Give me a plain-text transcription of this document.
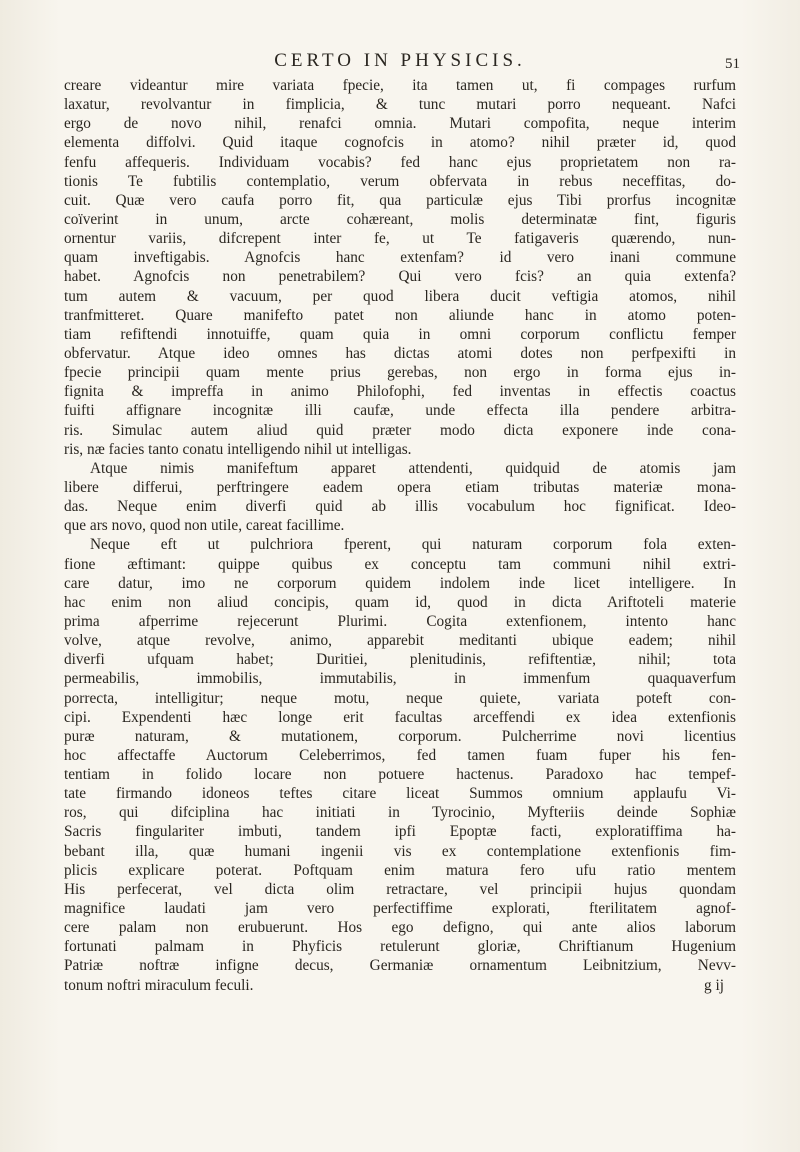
CERTO IN PHYSICIS.	51
creare videantur mire variata fpecie, ita tamen ut, fi compages rurfum
laxatur, revolvantur in fimplicia, & tunc mutari porro nequeant. Nafci
ergo de novo nihil, renafci omnia. Mutari compofita, neque interim
elementa diffolvi. Quid itaque cognofcis in atomo? nihil præter id, quod
fenfu affequeris. Individuam vocabis? fed hanc ejus proprietatem non ra-
tionis Te fubtilis contemplatio, verum obfervata in rebus neceffitas, do-
cuit. Quæ vero caufa porro fit, qua particulæ ejus Tibi prorfus incognitæ
coïverint in unum, arcte cohæreant, molis determinatæ fint, figuris
ornentur variis, difcrepent inter fe, ut Te fatigaveris quærendo, nun-
quam inveftigabis. Agnofcis hanc extenfam? id vero inani commune
habet. Agnofcis non penetrabilem? Qui vero fcis? an quia extenfa?
tum autem & vacuum, per quod libera ducit veftigia atomos, nihil
tranfmitteret. Quare manifefto patet non aliunde hanc in atomo poten-
tiam refiftendi innotuiffe, quam quia in omni corporum conflictu femper
obfervatur. Atque ideo omnes has dictas atomi dotes non perfpexifti in
fpecie principii quam mente prius gerebas, non ergo in forma ejus in-
fignita & impreffa in animo Philofophi, fed inventas in effectis coactus
fuifti affignare incognitæ illi caufæ, unde effecta illa pendere arbitra-
ris. Simulac autem aliud quid præter modo dicta exponere inde cona-
ris, næ facies tanto conatu intelligendo nihil ut intelligas.
Atque nimis manifeftum apparet attendenti, quidquid de atomis jam
libere differui, perftringere eadem opera etiam tributas materiæ mona-
das. Neque enim diverfi quid ab illis vocabulum hoc fignificat. Ideo-
que ars novo, quod non utile, careat facillime.
Neque eft ut pulchriora fperent, qui naturam corporum fola exten-
fione æftimant: quippe quibus ex conceptu tam communi nihil extri-
care datur, imo ne corporum quidem indolem inde licet intelligere. In
hac enim non aliud concipis, quam id, quod in dicta Ariftoteli materie
prima afperrime rejecerunt Plurimi. Cogita extenfionem, intento hanc
volve, atque revolve, animo, apparebit meditanti ubique eadem; nihil
diverfi ufquam habet; Duritiei, plenitudinis, refiftentiæ, nihil; tota
permeabilis, immobilis, immutabilis, in immenfum quaquaverfum
porrecta, intelligitur; neque motu, neque quiete, variata poteft con-
cipi. Expendenti hæc longe erit facultas arceffendi ex idea extenfionis
puræ naturam, & mutationem, corporum. Pulcherrime novi licentius
hoc affectaffe Auctorum Celeberrimos, fed tamen fuam fuper his fen-
tentiam in folido locare non potuere hactenus. Paradoxo hac tempef-
tate firmando idoneos teftes citare liceat Summos omnium applaufu Vi-
ros, qui difciplina hac initiati in Tyrocinio, Myfteriis deinde Sophiæ
Sacris fingulariter imbuti, tandem ipfi Epoptæ facti, exploratiffima ha-
bebant illa, quæ humani ingenii vis ex contemplatione extenfionis fim-
plicis explicare poterat. Poftquam enim matura fero ufu ratio mentem
His perfecerat, vel dicta olim retractare, vel principii hujus quondam
magnifice laudati jam vero perfectiffime explorati, fterilitatem agnof-
cere palam non erubuerunt. Hos ego defigno, qui ante alios laborum
fortunati palmam in Phyficis retulerunt gloriæ, Chriftianum Hugenium
Patriæ noftræ infigne decus, Germaniæ ornamentum Leibnitzium, Nevv-
tonum noftri miraculum feculi.	g ij
